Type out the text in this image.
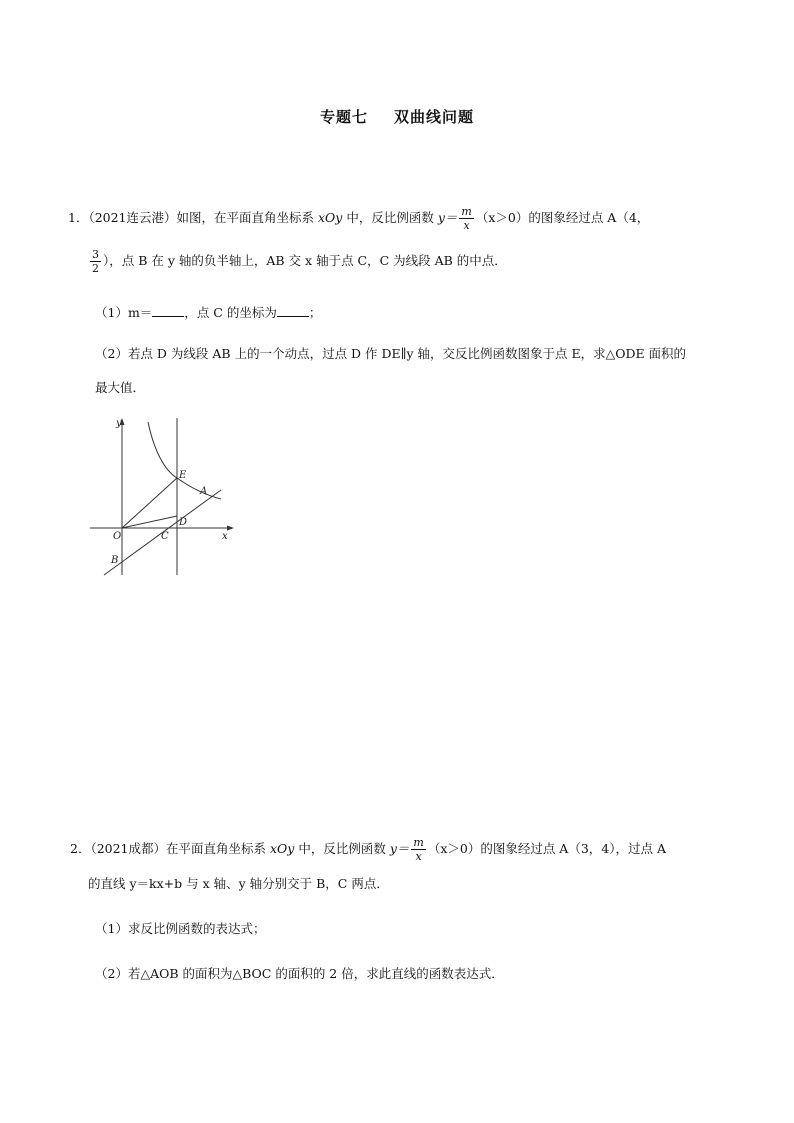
专题七 双曲线问题
1．（2021连云港）如图，在平面直角坐标系 xOy 中，反比例函数 $y= \frac{m}{x} (x>0)$的图象经过点 A（4，
$\frac{3}{2}$ ），点 B 在 y 轴的负半轴上，AB 交 x 轴于点 C，C 为线段 AB 的中点．
（1）m＝	，点 C 的坐标为	；
（2）若点 D 为线段 AB 上的一个动点，过点 D 作 DE∥y 轴，交反比例函数图象于点 E，求△ODE 面积的
最大值．
y
x
O
E
A
D
C
B
2．（2021成都）在平面直角坐标系 xOy 中，反比例函数 $y= \frac{m}{x} (x>0)$的图象经过点 A（3，4），过点 A
的直线 y＝kx+b 与 x 轴、y 轴分别交于 B，C 两点．
（1）求反比例函数的表达式；
（2）若△AOB 的面积为△BOC 的面积的 2 倍，求此直线的函数表达式．
